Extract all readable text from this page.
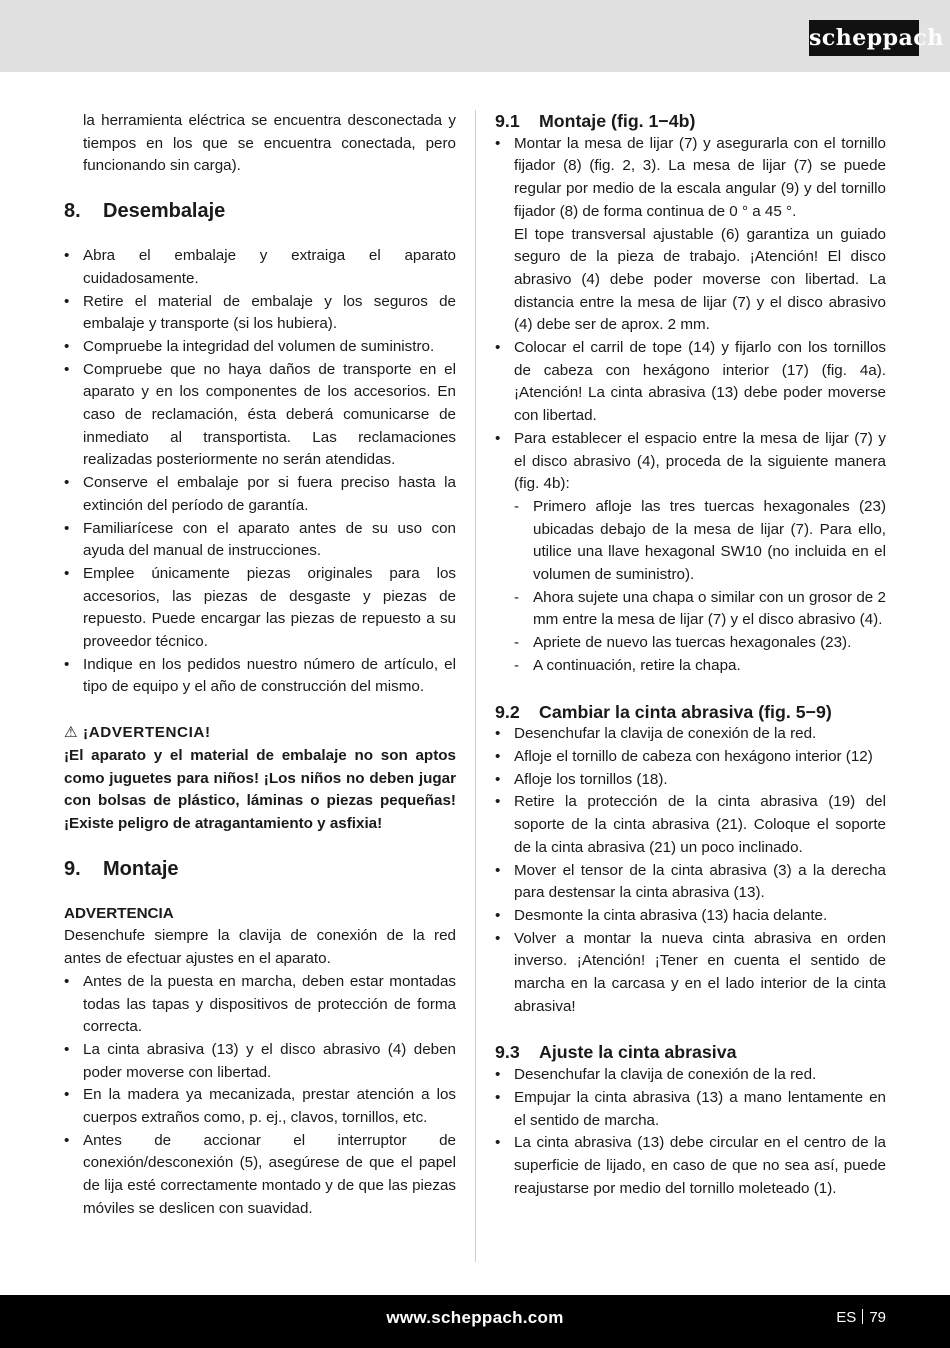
scheppach

la herramienta eléctrica se encuentra desconectada y tiempos en los que se encuentra conectada, pero funcionando sin carga).

8.	Desembalaje
• Abra el embalaje y extraiga el aparato cuidadosamente.
• Retire el material de embalaje y los seguros de embalaje y transporte (si los hubiera).
• Compruebe la integridad del volumen de suministro.
• Compruebe que no haya daños de transporte en el aparato y en los componentes de los accesorios. En caso de reclamación, ésta deberá comunicarse de inmediato al transportista. Las reclamaciones realizadas posteriormente no serán atendidas.
• Conserve el embalaje por si fuera preciso hasta la extinción del período de garantía.
• Familiarícese con el aparato antes de su uso con ayuda del manual de instrucciones.
• Emplee únicamente piezas originales para los accesorios, las piezas de desgaste y piezas de repuesto. Puede encargar las piezas de repuesto a su proveedor técnico.
• Indique en los pedidos nuestro número de artículo, el tipo de equipo y el año de construcción del mismo.

⚠ ¡ADVERTENCIA!

¡El aparato y el material de embalaje no son aptos como juguetes para niños! ¡Los niños no deben jugar con bolsas de plástico, láminas o piezas pequeñas! ¡Existe peligro de atragantamiento y asfixia!

9.	Montaje

ADVERTENCIA

Desenchufe siempre la clavija de conexión de la red antes de efectuar ajustes en el aparato.

• Antes de la puesta en marcha, deben estar montadas todas las tapas y dispositivos de protección de forma correcta.
• La cinta abrasiva (13) y el disco abrasivo (4) deben poder moverse con libertad.
• En la madera ya mecanizada, prestar atención a los cuerpos extraños como, p. ej., clavos, tornillos, etc.
• Antes de accionar el interruptor de conexión/desconexión (5), asegúrese de que el papel de lija esté correctamente montado y de que las piezas móviles se deslicen con suavidad.
9.1	Montaje (fig. 1−4b)
• Montar la mesa de lijar (7) y asegurarla con el tornillo fijador (8) (fig. 2, 3). La mesa de lijar (7) se puede regular por medio de la escala angular (9) y del tornillo fijador (8) de forma continua de 0 ° a 45 °.
El tope transversal ajustable (6) garantiza un guiado seguro de la pieza de trabajo. ¡Atención! El disco abrasivo (4) debe poder moverse con libertad. La distancia entre la mesa de lijar (7) y el disco abrasivo (4) debe ser de aprox. 2 mm.
• Colocar el carril de tope (14) y fijarlo con los tornillos de cabeza con hexágono interior (17) (fig. 4a). ¡Atención! La cinta abrasiva (13) debe poder moverse con libertad.
• Para establecer el espacio entre la mesa de lijar (7) y el disco abrasivo (4), proceda de la siguiente manera (fig. 4b):
- Primero afloje las tres tuercas hexagonales (23) ubicadas debajo de la mesa de lijar (7). Para ello, utilice una llave hexagonal SW10 (no incluida en el volumen de suministro).
- Ahora sujete una chapa o similar con un grosor de 2 mm entre la mesa de lijar (7) y el disco abrasivo (4).
- Apriete de nuevo las tuercas hexagonales (23).
- A continuación, retire la chapa.
9.2	Cambiar la cinta abrasiva (fig. 5−9)
• Desenchufar la clavija de conexión de la red.
• Afloje el tornillo de cabeza con hexágono interior (12)
• Afloje los tornillos (18).
• Retire la protección de la cinta abrasiva (19) del soporte de la cinta abrasiva (21). Coloque el soporte de la cinta abrasiva (21) un poco inclinado.
• Mover el tensor de la cinta abrasiva (3) a la derecha para destensar la cinta abrasiva (13).
• Desmonte la cinta abrasiva (13) hacia delante.
• Volver a montar la nueva cinta abrasiva en orden inverso. ¡Atención! ¡Tener en cuenta el sentido de marcha en la carcasa y en el lado interior de la cinta abrasiva!
9.3	Ajuste la cinta abrasiva
• Desenchufar la clavija de conexión de la red.
• Empujar la cinta abrasiva (13) a mano lentamente en el sentido de marcha.
• La cinta abrasiva (13) debe circular en el centro de la superficie de lijado, en caso de que no sea así, puede reajustarse por medio del tornillo moleteado (1).
www.scheppach.com	ES 79
